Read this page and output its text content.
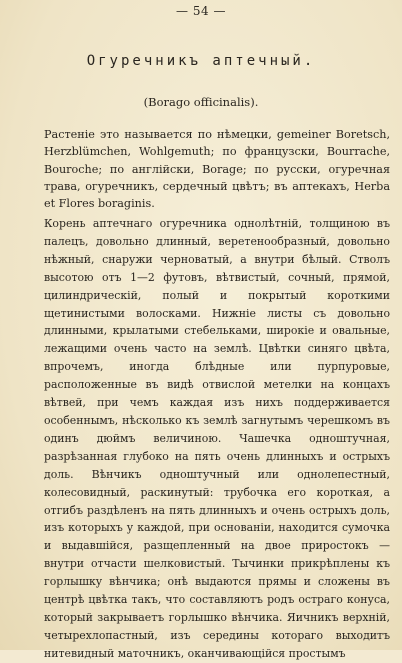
— 54 —
Огуречникъ аптечный.
(Borago officinalis).

Растеніе это называется по нѣмецки, gemeiner Boretsch, Herzblümchen, Wohlgemuth; по французски, Bourrache, Bouroche; по англійски, Borage; по русски, огуречная трава, огуречникъ, сердечный цвѣтъ; въ аптекахъ, Herba et Flores boraginis.

Корень аптечнаго огуречника однолѣтній, толщиною въ палецъ, довольно длинный, веретенообразный, довольно нѣжный, снаружи черноватый, а внутри бѣлый. Стволъ высотою отъ 1—2 футовъ, вѣтвистый, сочный, прямой, цилиндрическій, полый и покрытый короткими щетинистыми волосками. Нижніе листы съ довольно длинными, крылатыми стебельками, широкіе и овальные, лежащими очень часто на землѣ. Цвѣтки синяго цвѣта, впрочемъ, иногда блѣдные или пурпуровые, расположенные въ видѣ отвислой метелки на концахъ вѣтвей, при чемъ каждая изъ нихъ поддерживается особеннымъ, нѣсколько къ землѣ загнутымъ черешкомъ въ одинъ дюймъ величиною. Чашечка одноштучная, разрѣзанная глубоко на пять очень длинныхъ и острыхъ доль. Вѣнчикъ одноштучный или однолепестный, колесовидный, раскинутый: трубочка его короткая, а отгибъ раздѣленъ на пять длинныхъ и очень острыхъ доль, изъ которыхъ у каждой, при основаніи, находится сумочка и выдавшійся, разщепленный на двое приростокъ — внутри отчасти шелковистый. Тычинки прикрѣплены къ горлышку вѣнчика; онѣ выдаются прямы и сложены въ центрѣ цвѣтка такъ, что составляютъ родъ остраго конуса, который закрываетъ горлышко вѣнчика. Яичникъ верхній, четырехлопастный, изъ середины котораго выходитъ нитевидный маточникъ, оканчивающійся простымъ
